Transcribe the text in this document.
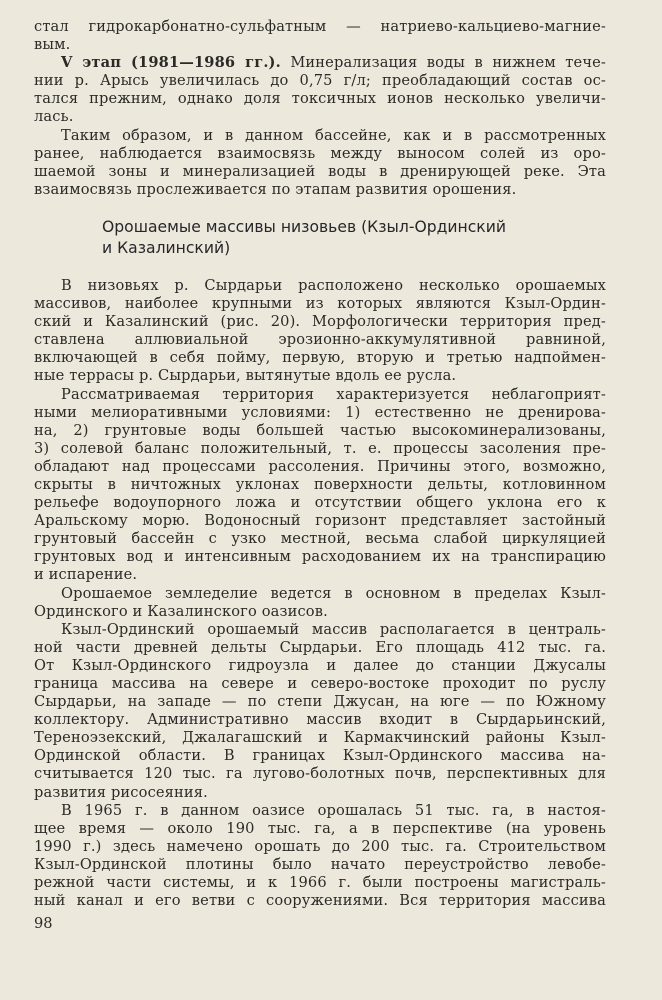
стал гидрокарбонатно-сульфатным — натриево-кальциево-магние-
вым.
V этап (1981—1986 гг.). Минерализация воды в нижнем тече-
нии р. Арысь увеличилась до 0,75 г/л; преобладающий состав ос-
тался прежним, однако доля токсичных ионов несколько увеличи-
лась.
Таким образом, и в данном бассейне, как и в рассмотренных
ранее, наблюдается взаимосвязь между выносом солей из оро-
шаемой зоны и минерализацией воды в дренирующей реке. Эта
взаимосвязь прослеживается по этапам развития орошения.
Орошаемые массивы низовьев (Кзыл-Ординский
и Казалинский)
В низовьях р. Сырдарьи расположено несколько орошаемых
массивов, наиболее крупными из которых являются Кзыл-Ордин-
ский и Казалинский (рис. 20). Морфологически территория пред-
ставлена аллювиальной эрозионно-аккумулятивной равниной,
включающей в себя пойму, первую, вторую и третью надпоймен-
ные террасы р. Сырдарьи, вытянутые вдоль ее русла.
Рассматриваемая территория характеризуется неблагоприят-
ными мелиоративными условиями: 1) естественно не дренирова-
на, 2) грунтовые воды большей частью высокоминерализованы,
3) солевой баланс положительный, т. е. процессы засоления пре-
обладают над процессами рассоления. Причины этого, возможно,
скрыты в ничтожных уклонах поверхности дельты, котловинном
рельефе водоупорного ложа и отсутствии общего уклона его к
Аральскому морю. Водоносный горизонт представляет застойный
грунтовый бассейн с узко местной, весьма слабой циркуляцией
грунтовых вод и интенсивным расходованием их на транспирацию
и испарение.
Орошаемое земледелие ведется в основном в пределах Кзыл-
Ординского и Казалинского оазисов.
Кзыл-Ординский орошаемый массив располагается в централь-
ной части древней дельты Сырдарьи. Его площадь 412 тыс. га.
От Кзыл-Ординского гидроузла и далее до станции Джусалы
граница массива на севере и северо-востоке проходит по руслу
Сырдарьи, на западе — по степи Джусан, на юге — по Южному
коллектору. Административно массив входит в Сырдарьинский,
Тереноэзекский, Джалагашский и Кармакчинский районы Кзыл-
Ординской области. В границах Кзыл-Ординского массива на-
считывается 120 тыс. га лугово-болотных почв, перспективных для
развития рисосеяния.
В 1965 г. в данном оазисе орошалась 51 тыс. га, в настоя-
щее время — около 190 тыс. га, а в перспективе (на уровень
1990 г.) здесь намечено орошать до 200 тыс. га. Строительством
Кзыл-Ординской плотины было начато переустройство левобе-
режной части системы, и к 1966 г. были построены магистраль-
ный канал и его ветви с сооружениями. Вся территория массива
98
